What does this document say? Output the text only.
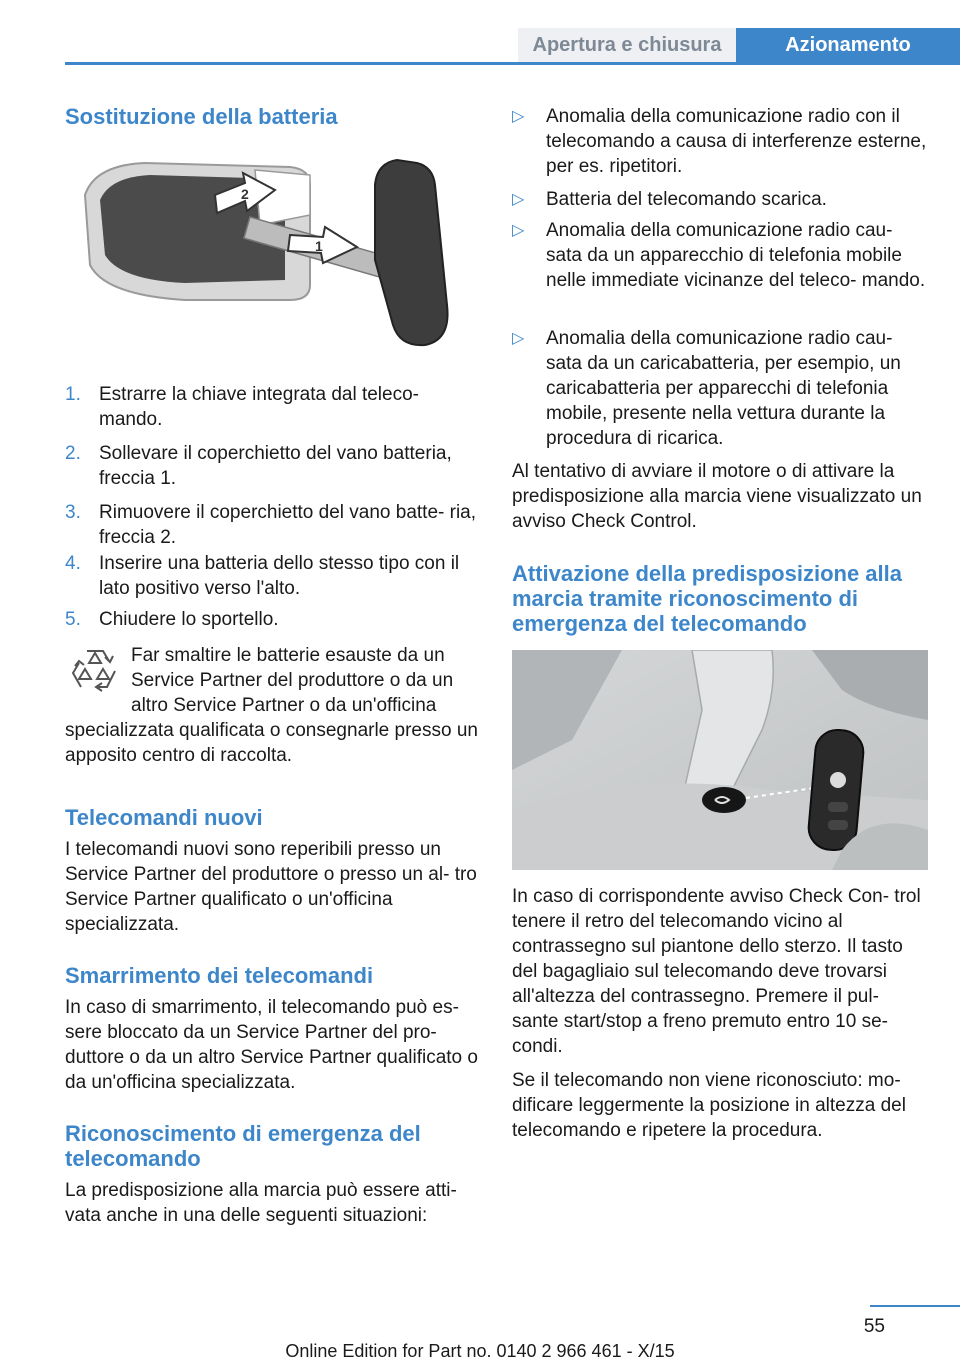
Apertura e chiusura	Azionamento
Sostituzione della batteria
2
1
1. Estrarre la chiave integrata dal teleco‐ mando.
2. Sollevare il coperchietto del vano batteria, freccia 1.
3. Rimuovere il coperchietto del vano batte‐ ria, freccia 2.
4. Inserire una batteria dello stesso tipo con il lato positivo verso l'alto.
5. Chiudere lo sportello.

Far smaltire le batterie esauste da un Service Partner del produttore o da un altro Service Partner o da un'officina specializzata qualificata o consegnarle presso un apposito centro di raccolta.

Telecomandi nuovi

I telecomandi nuovi sono reperibili presso un Service Partner del produttore o presso un al‐ tro Service Partner qualificato o un'officina specializzata.

Smarrimento dei telecomandi

In caso di smarrimento, il telecomando può es‐ sere bloccato da un Service Partner del pro‐ duttore o da un altro Service Partner qualificato o da un'officina specializzata.

Riconoscimento di emergenza del telecomando

La predisposizione alla marcia può essere atti‐ vata anche in una delle seguenti situazioni:

▷ Anomalia della comunicazione radio con il telecomando a causa di interferenze esterne, per es. ripetitori.
▷ Batteria del telecomando scarica.
▷ Anomalia della comunicazione radio cau‐ sata da un apparecchio di telefonia mobile nelle immediate vicinanze del teleco‐ mando.
▷ Anomalia della comunicazione radio cau‐ sata da un caricabatteria, per esempio, un caricabatteria per apparecchi di telefonia mobile, presente nella vettura durante la procedura di ricarica.

Al tentativo di avviare il motore o di attivare la predisposizione alla marcia viene visualizzato un avviso Check Control.

Attivazione della predisposizione alla marcia tramite riconoscimento di emergenza del telecomando

In caso di corrispondente avviso Check Con‐ trol tenere il retro del telecomando vicino al contrassegno sul piantone dello sterzo. Il tasto del bagagliaio sul telecomando deve trovarsi all'altezza del contrassegno. Premere il pul‐ sante start/stop a freno premuto entro 10 se‐ condi.

Se il telecomando non viene riconosciuto: mo‐ dificare leggermente la posizione in altezza del telecomando e ripetere la procedura.

55
Online Edition for Part no. 0140 2 966 461 - X/15
